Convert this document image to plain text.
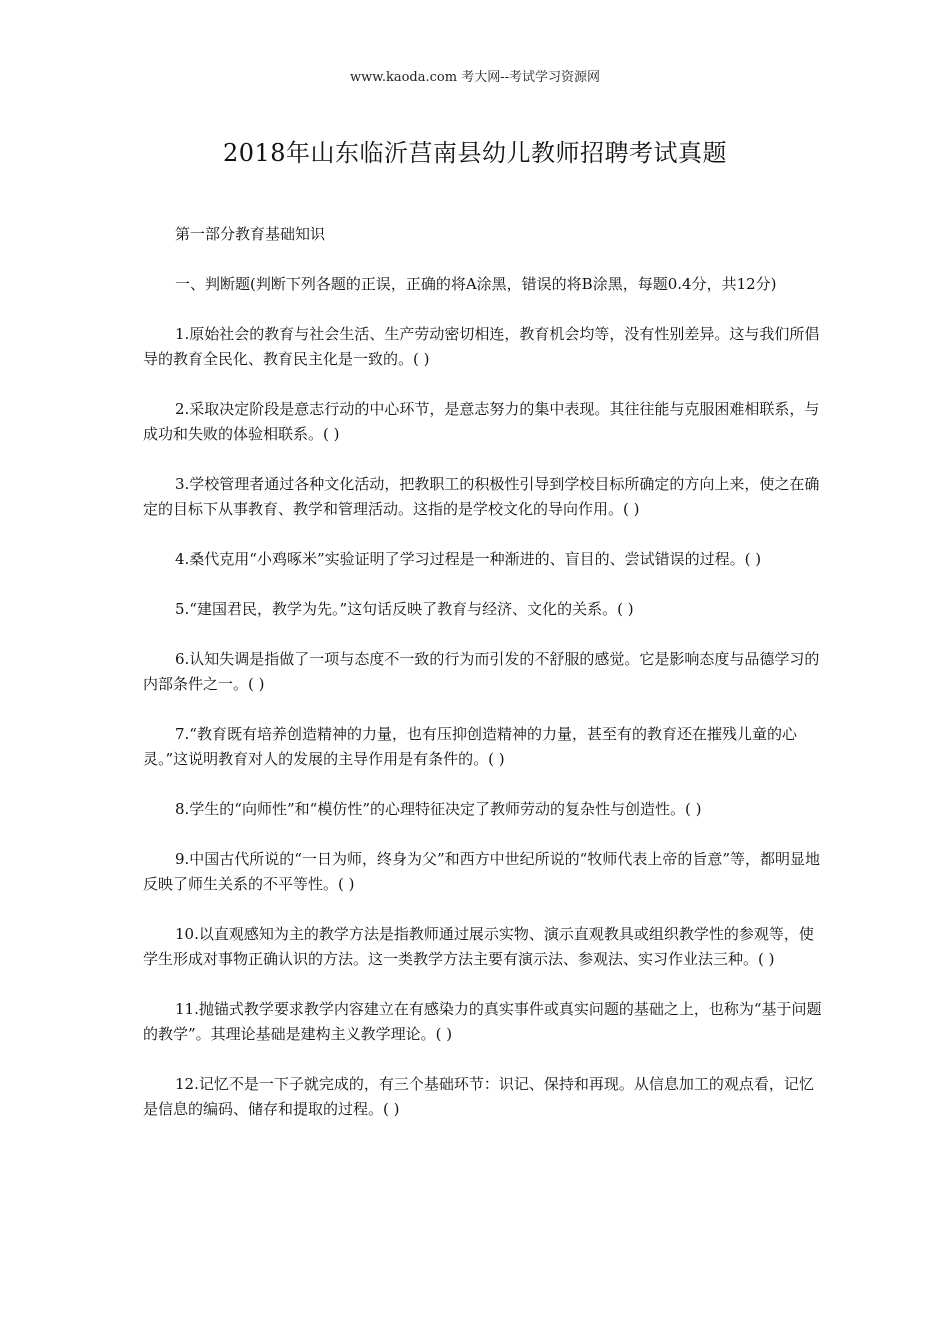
www.kaoda.com 考大网--考试学习资源网
2018年山东临沂莒南县幼儿教师招聘考试真题

第一部分教育基础知识

一、判断题(判断下列各题的正误，正确的将A涂黑，错误的将B涂黑，每题0.4分，共12分)

1.原始社会的教育与社会生活、生产劳动密切相连，教育机会均等，没有性别差异。这与我们所倡导的教育全民化、教育民主化是一致的。( )

2.采取决定阶段是意志行动的中心环节，是意志努力的集中表现。其往往能与克服困难相联系，与成功和失败的体验相联系。( )

3.学校管理者通过各种文化活动，把教职工的积极性引导到学校目标所确定的方向上来，使之在确定的目标下从事教育、教学和管理活动。这指的是学校文化的导向作用。( )

4.桑代克用“小鸡啄米”实验证明了学习过程是一种渐进的、盲目的、尝试错误的过程。( )

5.“建国君民，教学为先。”这句话反映了教育与经济、文化的关系。( )

6.认知失调是指做了一项与态度不一致的行为而引发的不舒服的感觉。它是影响态度与品德学习的内部条件之一。( )

7.“教育既有培养创造精神的力量，也有压抑创造精神的力量，甚至有的教育还在摧残儿童的心灵。”这说明教育对人的发展的主导作用是有条件的。( )

8.学生的“向师性”和“模仿性”的心理特征决定了教师劳动的复杂性与创造性。( )

9.中国古代所说的“一日为师，终身为父”和西方中世纪所说的“牧师代表上帝的旨意”等，都明显地反映了师生关系的不平等性。( )

10.以直观感知为主的教学方法是指教师通过展示实物、演示直观教具或组织教学性的参观等，使学生形成对事物正确认识的方法。这一类教学方法主要有演示法、参观法、实习作业法三种。( )

11.抛锚式教学要求教学内容建立在有感染力的真实事件或真实问题的基础之上，也称为“基于问题的教学”。其理论基础是建构主义教学理论。( )

12.记忆不是一下子就完成的，有三个基础环节：识记、保持和再现。从信息加工的观点看，记忆是信息的编码、储存和提取的过程。( )
